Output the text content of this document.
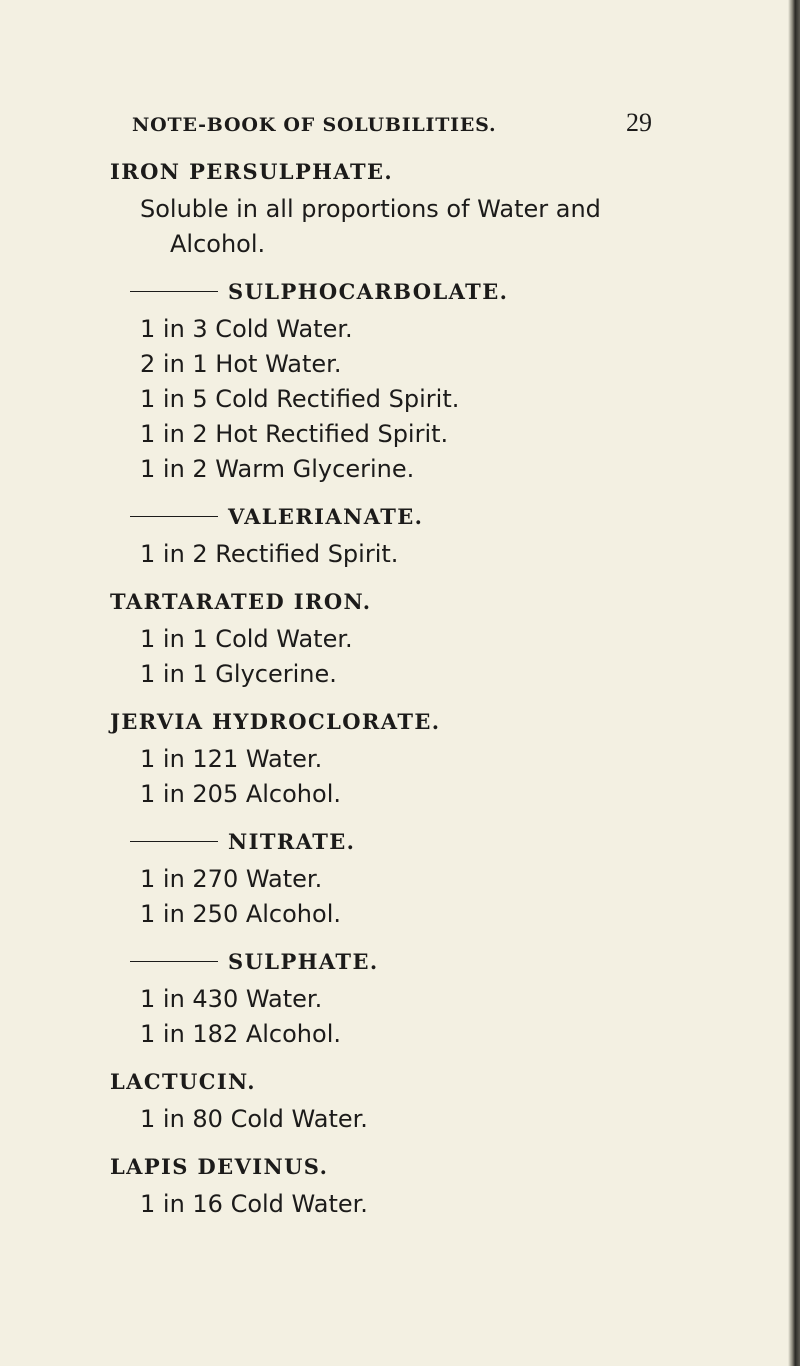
NOTE-BOOK OF SOLUBILITIES.	29
IRON PERSULPHATE.
Soluble in all proportions of Water and
Alcohol.
SULPHOCARBOLATE.
1 in 3 Cold Water.
2 in 1 Hot Water.
1 in 5 Cold Rectified Spirit.
1 in 2 Hot Rectified Spirit.
1 in 2 Warm Glycerine.
VALERIANATE.
1 in 2 Rectified Spirit.
TARTARATED IRON.
1 in 1 Cold Water.
1 in 1 Glycerine.
JERVIA HYDROCLORATE.
1 in 121 Water.
1 in 205 Alcohol.
NITRATE.
1 in 270 Water.
1 in 250 Alcohol.
SULPHATE.
1 in 430 Water.
1 in 182 Alcohol.
LACTUCIN.
1 in 80 Cold Water.
LAPIS DEVINUS.
1 in 16 Cold Water.
